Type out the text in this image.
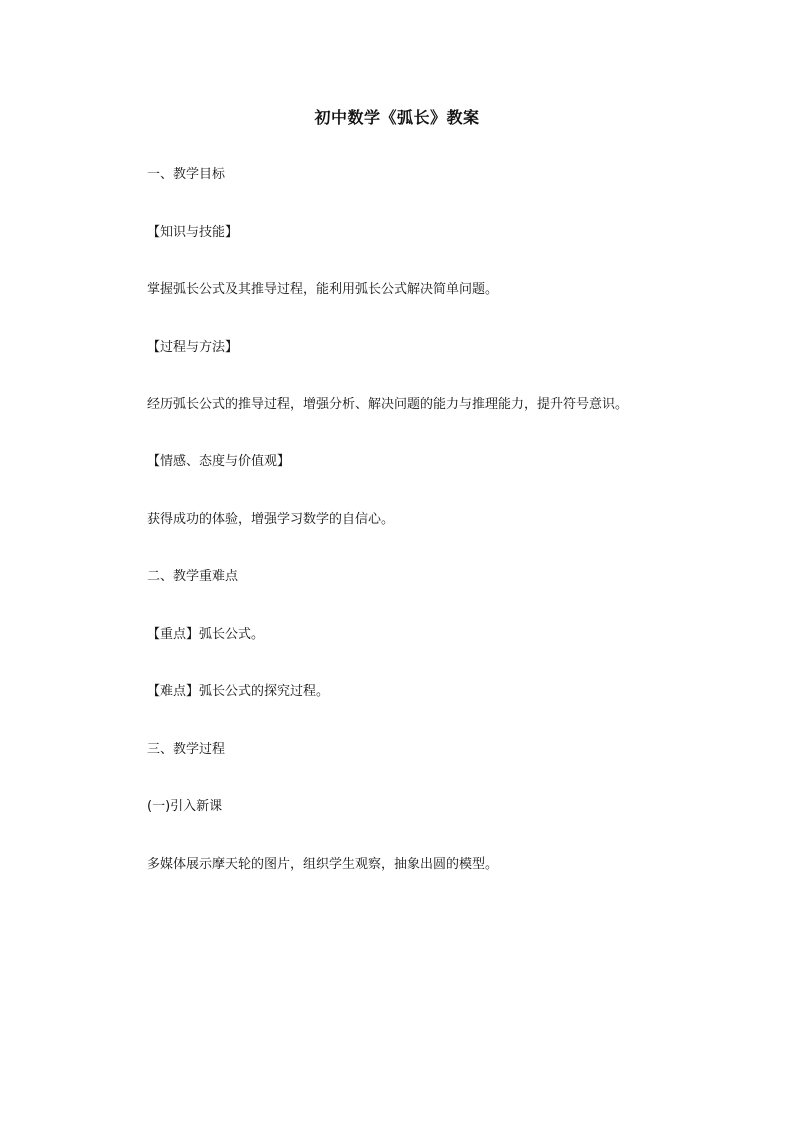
初中数学《弧长》教案
一、教学目标
【知识与技能】
掌握弧长公式及其推导过程，能利用弧长公式解决简单问题。
【过程与方法】
经历弧长公式的推导过程，增强分析、解决问题的能力与推理能力，提升符号意识。
【情感、态度与价值观】
获得成功的体验，增强学习数学的自信心。
二、教学重难点
【重点】弧长公式。
【难点】弧长公式的探究过程。
三、教学过程
(一)引入新课
多媒体展示摩天轮的图片，组织学生观察，抽象出圆的模型。
